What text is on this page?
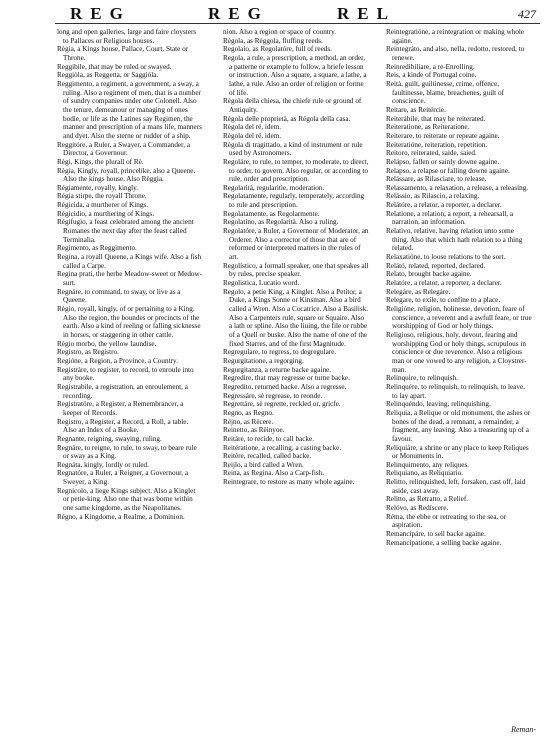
REG	REG	REL	427

long and open galleries, large and faire cloysters to Pallaces or Religious houses.

Règia, a Kings house, Pallace, Court, State or Throne.

Reggibile, that may be ruled or swayed.

Reggiòla, as Reggetta, or Saggióla.

Reggimento, a regiment, a government, a sway, a ruling. Also a regiment of men, that is a number of sundry companies under one Colonell. Also the tenure, demeanour or managing of ones bodie, or life as the Latines say Regimen, the manner and prescription of a mans life, manners and dyet. Also the sterne or rudder of a ship.

Reggitóre, a Ruler, a Swayer, a Commander, a Director, a Governour.

Règi, Kings, the plurall of Rè.

Règia, Kingly, royall, princelike, also a Queene. Also the kings house. Also Règgia.

Régiamente, royally, kingly.

Régia stirpe, the royall Throne.

Régicida, a murtherer of Kings.

Régicidio, a murthering of Kings.

Régifugio, a feast celebrated among the ancient Romanes the next day after the feast called Terminalia.

Regimento, as Reggimento.

Regina, a royall Queene, a Kings wife. Also a fish called a Carpe.

Regina prati, the herbe Meadow-sweet or Medow-surt.

Regnáre, to command, to sway, or live as a Queene.

Règio, royall, kingly, of or pertaining to a King. Also the region, the boundes or precincts of the earth. Also a kind of reeling or falling sicknesse in horses, or staggering in other cattle.

Règio morbo, the yellow Iaundise.

Registro, as Registro.

Regióne, a Region, a Province, a Country.

Registráre, to register, to record, to enroule into any booke.

Registrabile, a registration, an enroulement, a recording.

Registratóre, a Register, a Remembrancer, a keeper of Records.

Registro, a Register, a Record, a Roll, a table. Also an Index of a Booke.

Regnante, reigning, swaying, ruling.

Regnáre, to reigne, to rule, to sway, to beare rule or sway as a King.

Regnáta, kingly, lordly or ruled.

Regnatóre, a Ruler, a Reigner, a Governour, a Sweyer, a King.

Regnicolo, a liege Kings subject. Also a Kinglet or petie-king. Also one that was borne within one same kingdome, as the Neapolitanes.

Régno, a Kingdome, a Realme, a Dominion.

nion. Also a region or space of country.

Règola, as Règgola, fluffing reeds.

Regolaio, as Regolatóre, full of reeds.

Regola, a rule, a prescription, a method, an order, a patterne or example to follow, a briefe lesson or instruction. Also a square, a square, a lathe, a lathe, a rule. Also an order of religion or forme of life.

Règola della chiesa, the chiefe rule or ground of Antiquity.

Règola delle proprietà, as Régola della casa.

Règola del ré, idem.

Règola del ré, idem.

Règola di tragittado, a kind of instrument or rule used by Astronomers.

Regoláre, to rule, to temper, to moderate, to direct, to order, to govern. Also regular, or according to rule, order and prescription.

Regolarità, regularitie, moderation.

Regolatamente, regularly, temperately, according to rule and prescription.

Regolatamente, as Regolarmente.

Regolatíno, as Regolarità. Also a ruling.

Regolatóre, a Ruler, a Governour of Moderator, an Orderer. Also a corrector of those that are of reformed or interpreted matters in the rules of art.

Regolístico, a formall speaker, one that speakes all by rules, precise speaker.

Regolistica, Lucatio word.

Regolo, a petie King, a Kinglet. Also a Petitor, a Duke, a Kings Sonne or Kinsman. Also a bird called a Wren. Also a Cocatrice. Also a Basilisk. Also a Carpenters rule, square or Squaire. Also a lath or spline. Also the liuing, the file or rubbe of a Quell or buske. Also the name of one of the fixed Starres, and of the first Magnitude.

Regregulare, to regress, to degregulare.

Regurgitatione, a regorging.

Regurgitanza, a returne backe againe.

Regredire, that may regresse or turne backe.

Regredito, returned backe. Also a regresse.

Regressáre, sè regrease, to reonde.

Regrettáre, sè regrette, reckled or, gricfe.

Regno, as Regno.

Réjno, as Rècere.

Reinetto, as Rèinyoe.

Reitáre, to recide, to call backe.

Reitératione, a recalling, a casting backe.

Reitère, recalled, called backe.

Reijlo, a bird called a Wren.

Reina, as Regina. Also a Carp-fish.

Reintegrare, to restore as many whole againe.

Reintegratióne, a reintegration or making whole againe.

Reintegráto, and also, nella, redotto, restored, to renewe.

Reinredibiliare, a re-Enrolling.

Reis, a kinde of Portugal coine.

Reità, guilt, guiltinesse, crime, offence, faultinesse, blame, breachenes, guilt of conscience.

Reitare, as Reitércie.

Reiterábile, that may be reiterated.

Reiteratione, as Reiteratione.

Reiterare, to reiterate or repeate againe.

Reiteratióne, reiteration, repetition.

Reitoro, reiterated, saide, saied.

Relápso, fallen or sainly downe againe.

Relapso, a relapse or falling downe againe.

Relássare, as Rilasciare, to release.

Relassamento, a relaxation, a release, a releasing.

Relássio, as Rilascio, a relaxing.

Relátóre, a relator, a reporter, a declarer.

Relatione, a relation, a report, a rehearsall, a narration, an information.

Relativo, relative, having relation unto some thing. Also that which hath relation to a thing related.

Relaxatióne, to loose relations to the sort.

Relátó, related, reported, declared.

Relato, brought backe againe.

Relatóre, a relator, a reporter, a declarer.

Relegáre, as Relegáre.

Relegare, to exile, to confine to a place.

Religióne, religion, holinesse, devotion, feare of conscience, a reverent and a awfull feare, or true worshipping of God or holy things.

Religioso, religious, holy, devout, fearing and worshipping God or holy things, scrupulous in conscience or due reverence. Also a religious man or one vowed to any religion, a Cloystrer-man.

Relinquire, to relinquish.

Relinquére, to relinquish, to relinquish, to leave, to lay apart.

Relinquéndo, leaving, relinquishing.

Reliquia, a Relique or old monument, the ashes or bones of the dead, a remnant, a remainder, a fragment, any leaving. Also a treasuring up of a favour.

Reliquiáre, a shrine or any place to keep Reliques or Monuments in.

Relinquimento, any reliques.

Reliquiano, as Reliquiario.

Relitto, relinquished, left, forsaken, cast off, laid aside, cast away.

Relitto, as Retratto, a Relief.

Relóvo, as Redíscere.

Réma, the ebbe or retreating to the sea, or aspiration.

Remancipáre, to sell backe againe.

Remancipatione, a selling backe againe.

Reman-
